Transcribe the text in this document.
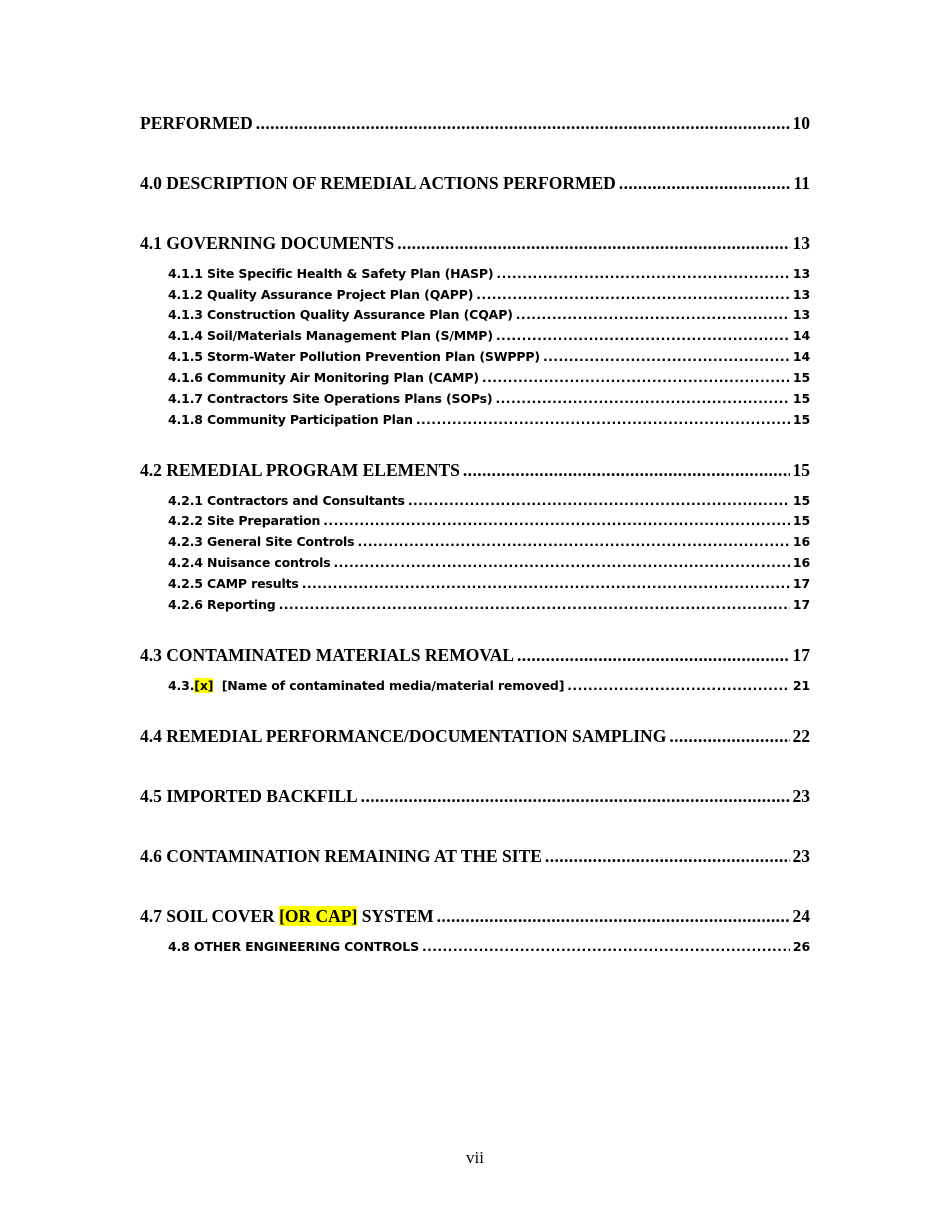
PERFORMED .....	10
4.0 DESCRIPTION OF REMEDIAL ACTIONS PERFORMED .....	11
4.1 GOVERNING DOCUMENTS .....	13
4.1.1 Site Specific Health & Safety Plan (HASP) .....	13
4.1.2 Quality Assurance Project Plan (QAPP) .....	13
4.1.3 Construction Quality Assurance Plan (CQAP) .....	13
4.1.4 Soil/Materials Management Plan (S/MMP) .....	14
4.1.5 Storm-Water Pollution Prevention Plan (SWPPP) .....	14
4.1.6 Community Air Monitoring Plan (CAMP) .....	15
4.1.7 Contractors Site Operations Plans (SOPs) .....	15
4.1.8 Community Participation Plan .....	15
4.2 REMEDIAL PROGRAM ELEMENTS .....	15
4.2.1 Contractors and Consultants .....	15
4.2.2 Site Preparation .....	15
4.2.3 General Site Controls .....	16
4.2.4 Nuisance controls .....	16
4.2.5 CAMP results .....	17
4.2.6 Reporting .....	17
4.3 CONTAMINATED MATERIALS REMOVAL .....	17
4.3.[x]  [Name of contaminated media/material removed] .....	21
4.4 REMEDIAL PERFORMANCE/DOCUMENTATION SAMPLING .....	22
4.5 IMPORTED BACKFILL .....	23
4.6 CONTAMINATION REMAINING AT THE SITE .....	23
4.7 SOIL COVER [OR CAP] SYSTEM .....	24
4.8 OTHER ENGINEERING CONTROLS .....	26
vii
